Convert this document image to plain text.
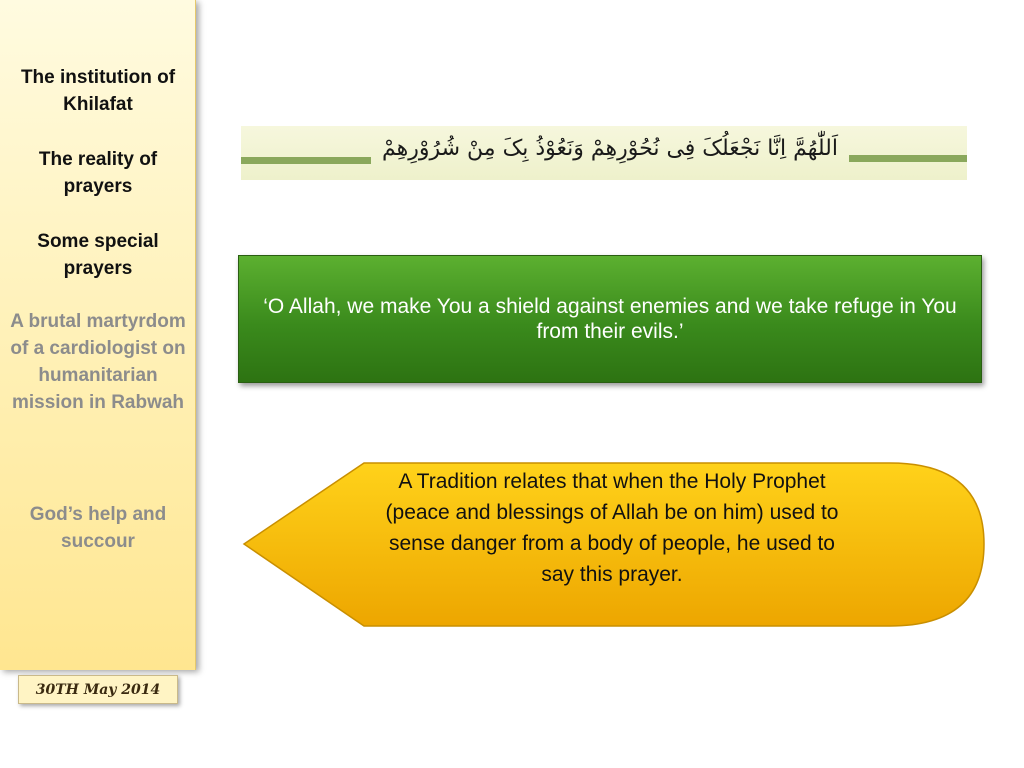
The institution of Khilafat
The reality of prayers
Some special prayers
A brutal martyrdom of a cardiologist on humanitarian mission in Rabwah
God’s help and succour
30TH May 2014
اَللّٰهُمَّ اِنَّا نَجْعَلُکَ فِی نُحُوْرِهِمْ وَنَعُوْذُ بِکَ مِنْ شُرُوْرِهِمْ
‘O Allah, we make You a shield against enemies and we take refuge in You from their evils.’
A Tradition relates that when the Holy Prophet (peace and blessings of Allah be on him) used to sense danger from a body of people, he used to say this prayer.
